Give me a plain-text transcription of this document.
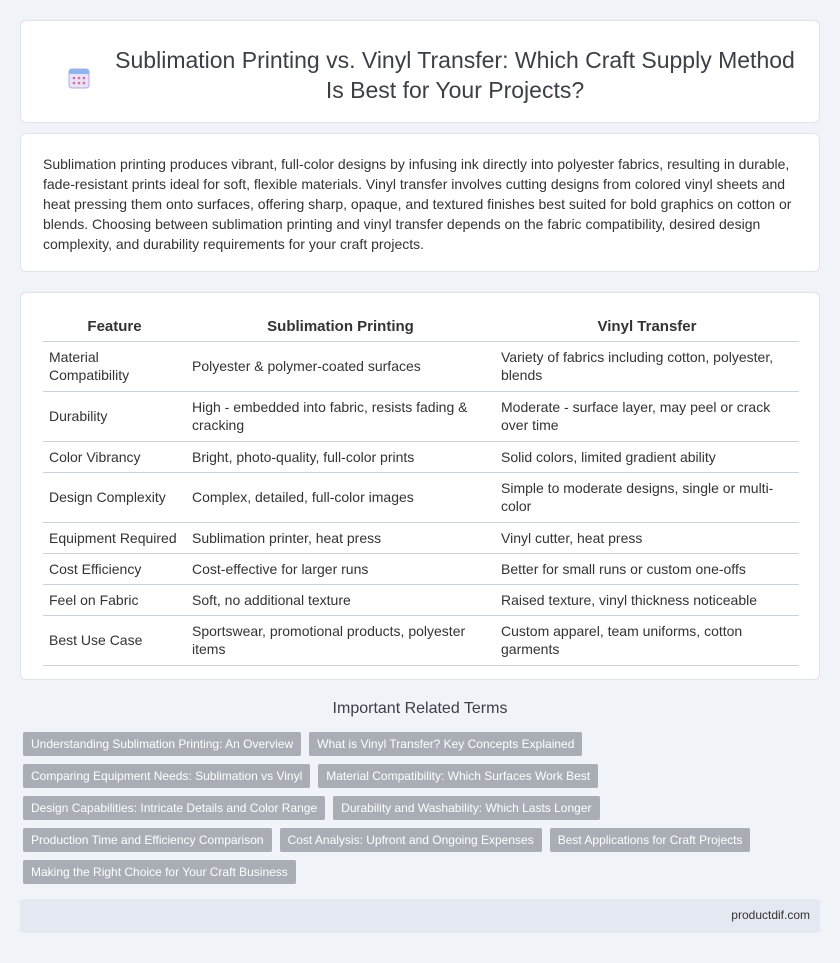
Sublimation Printing vs. Vinyl Transfer: Which Craft Supply Method Is Best for Your Projects?

Sublimation printing produces vibrant, full-color designs by infusing ink directly into polyester fabrics, resulting in durable, fade-resistant prints ideal for soft, flexible materials. Vinyl transfer involves cutting designs from colored vinyl sheets and heat pressing them onto surfaces, offering sharp, opaque, and textured finishes best suited for bold graphics on cotton or blends. Choosing between sublimation printing and vinyl transfer depends on the fabric compatibility, desired design complexity, and durability requirements for your craft projects.

Feature	Sublimation Printing	Vinyl Transfer
Material Compatibility	Polyester & polymer-coated surfaces	Variety of fabrics including cotton, polyester, blends
Durability	High - embedded into fabric, resists fading & cracking	Moderate - surface layer, may peel or crack over time
Color Vibrancy	Bright, photo-quality, full-color prints	Solid colors, limited gradient ability
Design Complexity	Complex, detailed, full-color images	Simple to moderate designs, single or multi-color
Equipment Required	Sublimation printer, heat press	Vinyl cutter, heat press
Cost Efficiency	Cost-effective for larger runs	Better for small runs or custom one-offs
Feel on Fabric	Soft, no additional texture	Raised texture, vinyl thickness noticeable
Best Use Case	Sportswear, promotional products, polyester items	Custom apparel, team uniforms, cotton garments
Important Related Terms
Understanding Sublimation Printing: An Overview	What is Vinyl Transfer? Key Concepts Explained
Comparing Equipment Needs: Sublimation vs Vinyl	Material Compatibility: Which Surfaces Work Best
Design Capabilities: Intricate Details and Color Range	Durability and Washability: Which Lasts Longer
Production Time and Efficiency Comparison	Cost Analysis: Upfront and Ongoing Expenses	Best Applications for Craft Projects
Making the Right Choice for Your Craft Business
productdif.com
